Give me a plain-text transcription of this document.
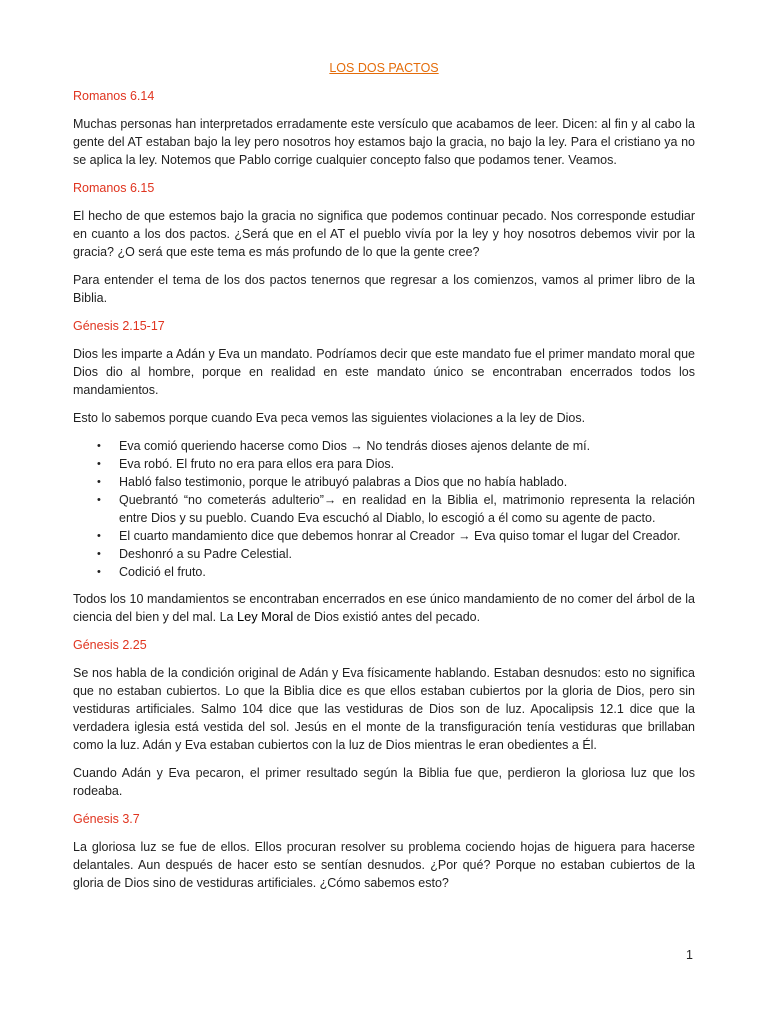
LOS DOS PACTOS
Romanos 6.14

Muchas personas han interpretados erradamente este versículo que acabamos de leer. Dicen: al fin y al cabo la gente del AT estaban bajo la ley pero nosotros hoy estamos bajo la gracia, no bajo la ley. Para el cristiano ya no se aplica la ley. Notemos que Pablo corrige cualquier concepto falso que podamos tener. Veamos.

Romanos 6.15

El hecho de que estemos bajo la gracia no significa que podemos continuar pecado. Nos corresponde estudiar en cuanto a los dos pactos. ¿Será que en el AT el pueblo vivía por la ley y hoy nosotros debemos vivir por la gracia? ¿O será que este tema es más profundo de lo que la gente cree?

Para entender el tema de los dos pactos tenernos que regresar a los comienzos, vamos al primer libro de la Biblia.

Génesis 2.15-17

Dios les imparte a Adán y Eva un mandato. Podríamos decir que este mandato fue el primer mandato moral que Dios dio al hombre, porque en realidad en este mandato único se encontraban encerrados todos los mandamientos.

Esto lo sabemos porque cuando Eva peca vemos las siguientes violaciones a la ley de Dios.

• Eva comió queriendo hacerse como Dios → No tendrás dioses ajenos delante de mí.
• Eva robó. El fruto no era para ellos era para Dios.
• Habló falso testimonio, porque le atribuyó palabras a Dios que no había hablado.
• Quebrantó “no cometerás adulterio”→ en realidad en la Biblia el, matrimonio representa la relación entre Dios y su pueblo. Cuando Eva escuchó al Diablo, lo escogió a él como su agente de pacto.
• El cuarto mandamiento dice que debemos honrar al Creador → Eva quiso tomar el lugar del Creador.
• Deshonró a su Padre Celestial.
• Codició el fruto.

Todos los 10 mandamientos se encontraban encerrados en ese único mandamiento de no comer del árbol de la ciencia del bien y del mal. La Ley Moral de Dios existió antes del pecado.

Génesis 2.25

Se nos habla de la condición original de Adán y Eva físicamente hablando. Estaban desnudos: esto no significa que no estaban cubiertos. Lo que la Biblia dice es que ellos estaban cubiertos por la gloria de Dios, pero sin vestiduras artificiales. Salmo 104 dice que las vestiduras de Dios son de luz. Apocalipsis 12.1 dice que la verdadera iglesia está vestida del sol. Jesús en el monte de la transfiguración tenía vestiduras que brillaban como la luz. Adán y Eva estaban cubiertos con la luz de Dios mientras le eran obedientes a Él.

Cuando Adán y Eva pecaron, el primer resultado según la Biblia fue que, perdieron la gloriosa luz que los rodeaba.

Génesis 3.7

La gloriosa luz se fue de ellos. Ellos procuran resolver su problema cociendo hojas de higuera para hacerse delantales. Aun después de hacer esto se sentían desnudos. ¿Por qué? Porque no estaban cubiertos de la gloria de Dios sino de vestiduras artificiales. ¿Cómo sabemos esto?

1
